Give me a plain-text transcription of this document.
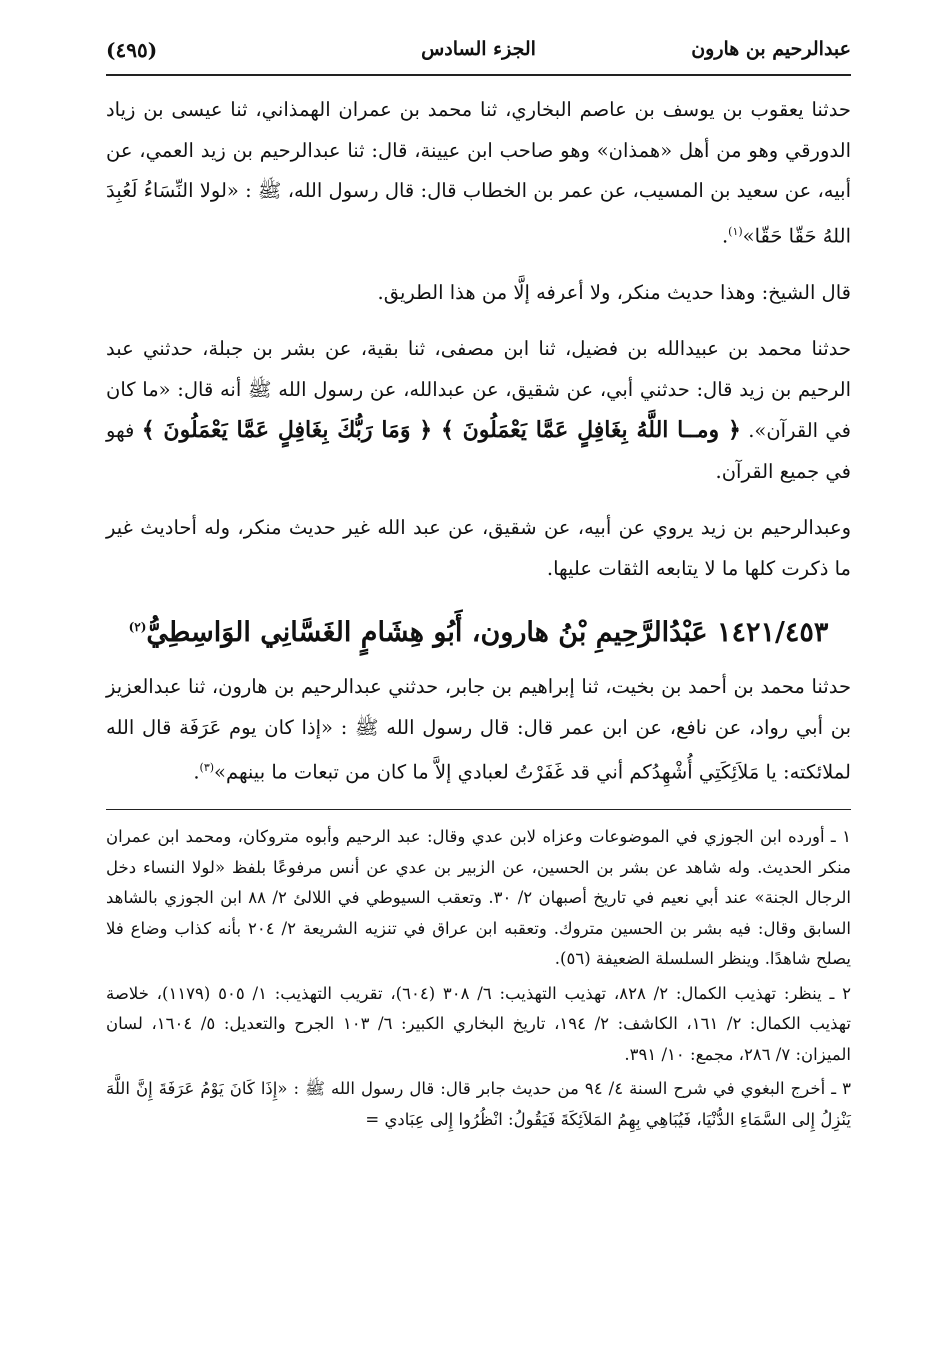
عبدالرحيم بن هارون
الجزء السادس
(٤٩٥)

حدثنا يعقوب بن يوسف بن عاصم البخاري، ثنا محمد بن عمران الهمذاني، ثنا عيسى بن زياد الدورقي وهو من أهل «همذان» وهو صاحب ابن عيينة، قال: ثنا عبدالرحيم بن زيد العمي، عن أبيه، عن سعيد بن المسيب، عن عمر بن الخطاب قال: قال رسول الله، ﷺ : «لولا النِّسَاءُ لَعُبِدَ اللهُ حَقّا حَقّا»$^{(١)}$.

قال الشيخ: وهذا حديث منكر، ولا أعرفه إلَّا من هذا الطريق.

حدثنا محمد بن عبيدالله بن فضيل، ثنا ابن مصفى، ثنا بقية، عن بشر بن جبلة، حدثني عبد الرحيم بن زيد قال: حدثني أبي، عن شقيق، عن عبدالله، عن رسول الله ﷺ أنه قال: «ما كان في القرآن». ﴿ ومــا اللَّهُ بِغَافِلٍ عَمَّا يَعْمَلُونَ ﴾ ﴿ وَمَا رَبُّكَ بِغَافِلٍ عَمَّا يَعْمَلُونَ ﴾ فهو في جميع القرآن.

وعبدالرحيم بن زيد يروي عن أبيه، عن شقيق، عن عبد الله غير حديث منكر، وله أحاديث غير ما ذكرت كلها ما لا يتابعه الثقات عليها.

١٤٢١/٤٥٣ عَبْدُالرَّحِيمِ بْنُ هارون، أَبُو هِشَامٍ الغَسَّانِي الوَاسِطِيُّ$^{(٢)}$

حدثنا محمد بن أحمد بن بخيت، ثنا إبراهيم بن جابر، حدثني عبدالرحيم بن هارون، ثنا عبدالعزيز بن أبي رواد، عن نافع، عن ابن عمر قال: قال رسول الله ﷺ : «إذا كان يوم عَرَفَة قال الله لملائكته: يا مَلاَئِكَتِي أُشْهِدُكم أني قد غَفَرْتُ لعبادي إلاَّ ما كان من تبعات ما بينهم»$^{(٣)}$.

١ ـ أورده ابن الجوزي في الموضوعات وعزاه لابن عدي وقال: عبد الرحيم وأبوه متروكان، ومحمد ابن عمران منكر الحديث. وله شاهد عن بشر بن الحسين، عن الزبير بن عدي عن أنس مرفوعًا بلفظ «لولا النساء دخل الرجال الجنة» عند أبي نعيم في تاريخ أصبهان ٢/ ٣٠. وتعقب السيوطي في اللالئ ٢/ ٨٨ ابن الجوزي بالشاهد السابق وقال: فيه بشر بن الحسين متروك. وتعقبه ابن عراق في تنزيه الشريعة ٢/ ٢٠٤ بأنه كذاب وضاع فلا يصلح شاهدًا. وينظر السلسلة الضعيفة (٥٦).

٢ ـ ينظر: تهذيب الكمال: ٢/ ٨٢٨، تهذيب التهذيب: ٦/ ٣٠٨ (٦٠٤)، تقريب التهذيب: ١/ ٥٠٥ (١١٧٩)، خلاصة تهذيب الكمال: ٢/ ١٦١، الكاشف: ٢/ ١٩٤، تاريخ البخاري الكبير: ٦/ ١٠٣ الجرح والتعديل: ٥/ ١٦٠٤، لسان الميزان: ٧/ ٢٨٦، مجمع: ١٠/ ٣٩١.

٣ ـ أخرج البغوي في شرح السنة ٤/ ٩٤ من حديث جابر قال: قال رسول الله ﷺ : «إِذَا كَانَ يَوْمُ عَرَفَةَ إِنَّ اللَّهَ يَنْزِلُ إِلى السَّمَاءِ الدُّنْيَا، فَيُبَاهِي بِهِمُ المَلاَئِكَةَ فَيَقُولُ: انْظُرُوا إِلى عِبَادي =
